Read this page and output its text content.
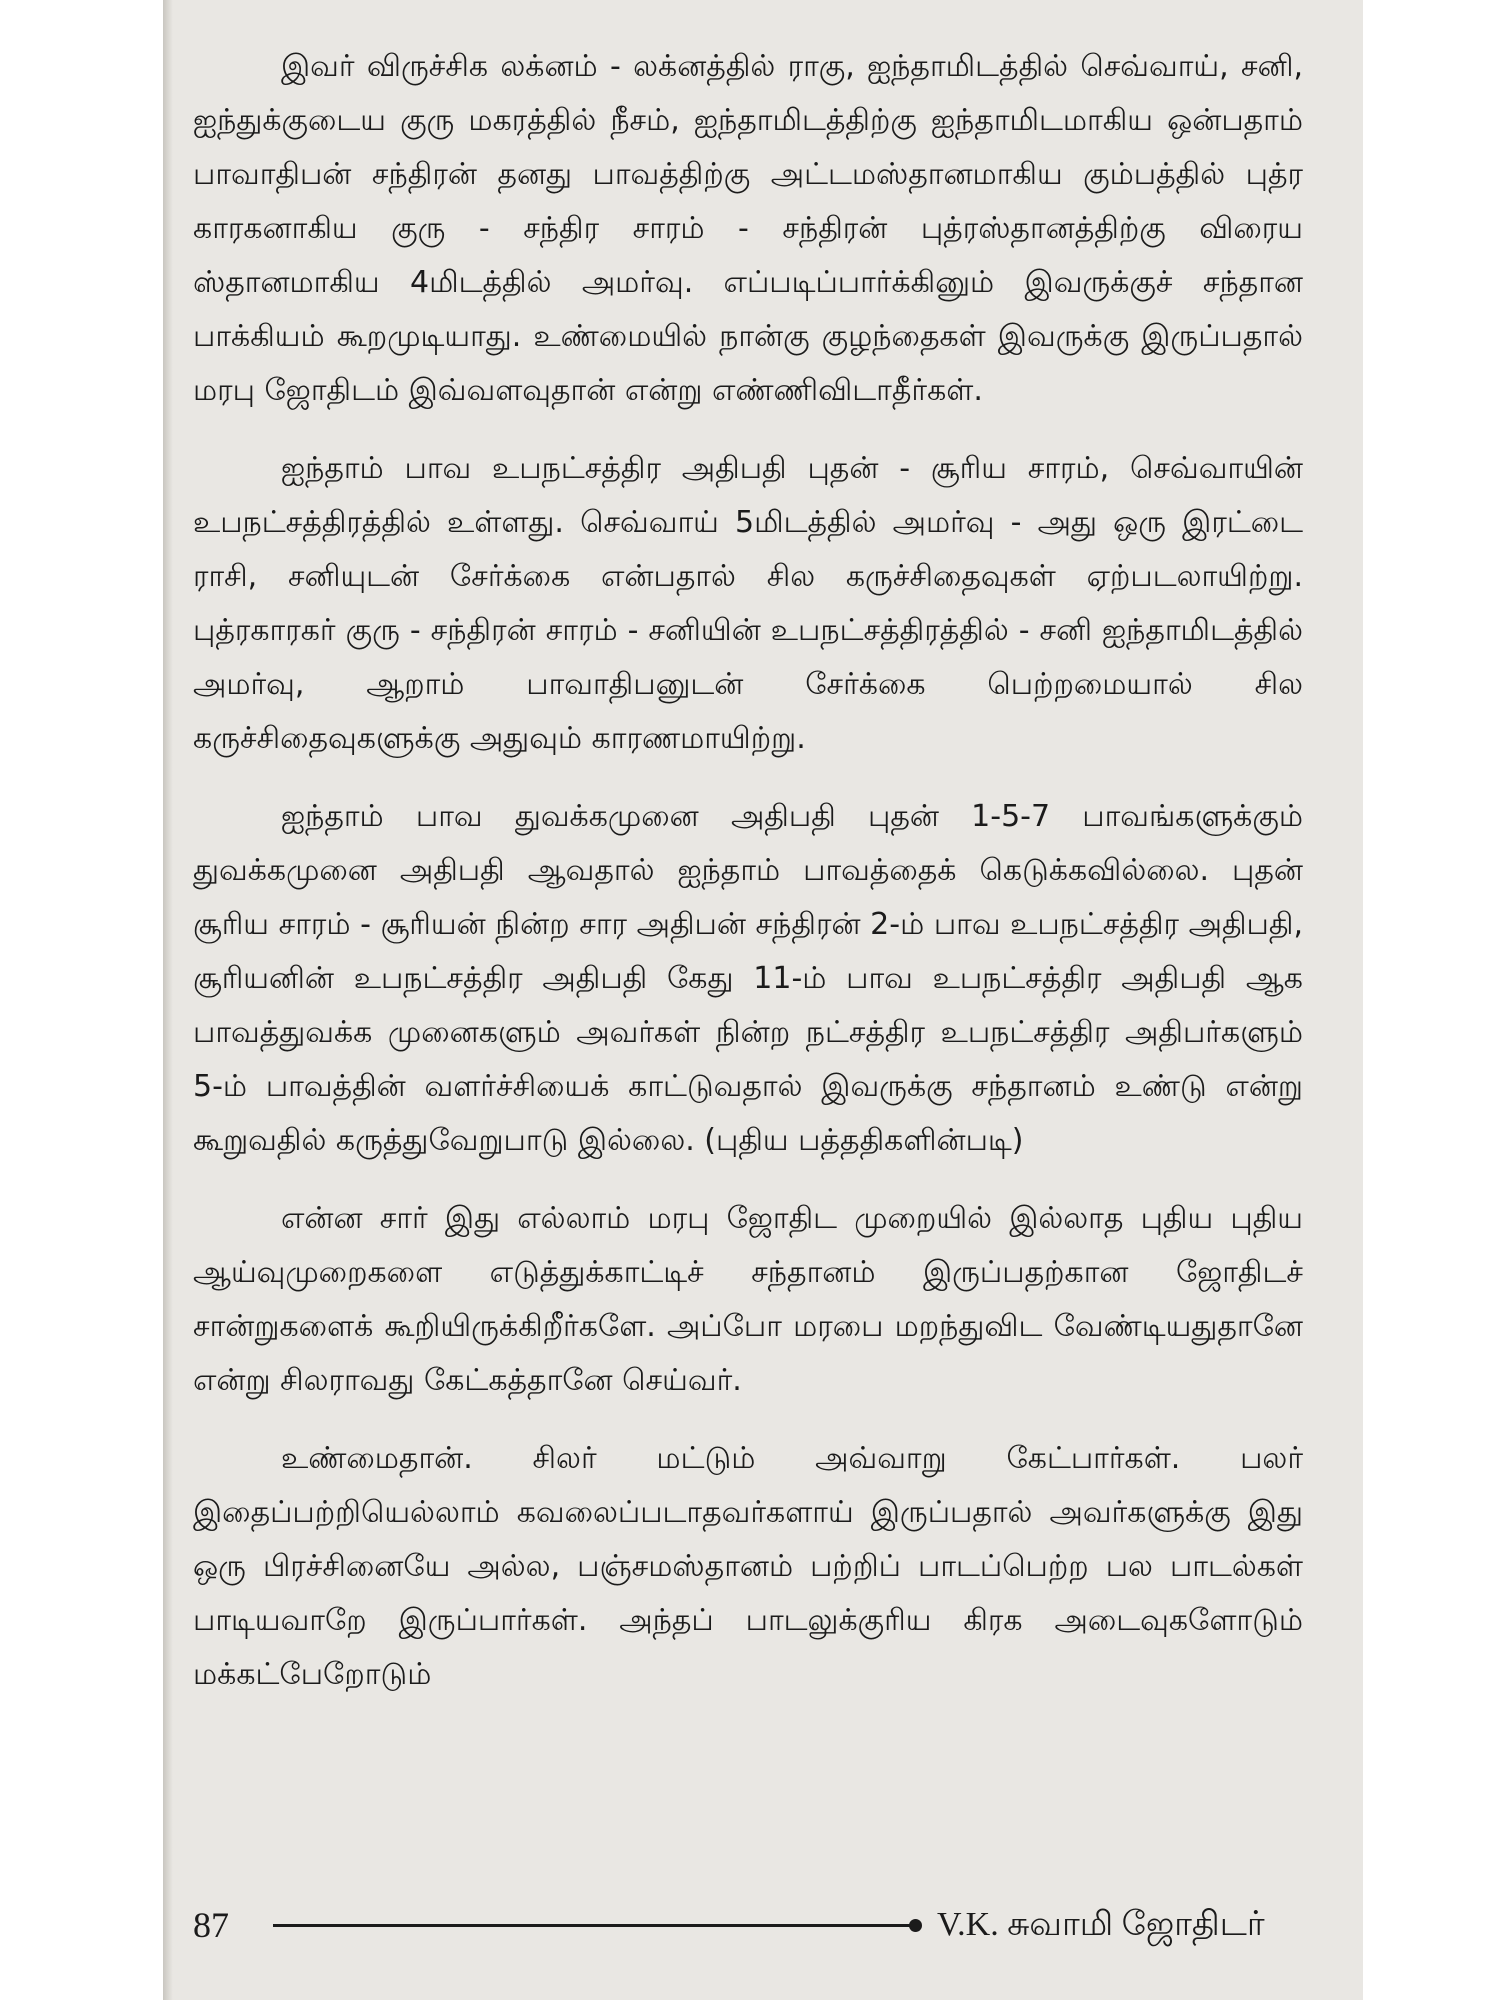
இவர் விருச்சிக லக்னம் - லக்னத்தில் ராகு, ஐந்தாமிடத்தில் செவ்வாய், சனி, ஐந்துக்குடைய குரு மகரத்தில் நீசம், ஐந்தாமிடத்திற்கு ஐந்தாமிடமாகிய ஒன்பதாம் பாவாதிபன் சந்திரன் தனது பாவத்திற்கு அட்டமஸ்தானமாகிய கும்பத்தில் புத்ர காரகனாகிய குரு - சந்திர சாரம் - சந்திரன் புத்ரஸ்தானத்திற்கு விரைய ஸ்தானமாகிய 4மிடத்தில் அமர்வு. எப்படிப்பார்க்கினும் இவருக்குச் சந்தான பாக்கியம் கூறமுடியாது. உண்மையில் நான்கு குழந்தைகள் இவருக்கு இருப்பதால் மரபு ஜோதிடம் இவ்வளவுதான் என்று எண்ணிவிடாதீர்கள்.

ஐந்தாம் பாவ உபநட்சத்திர அதிபதி புதன் - சூரிய சாரம், செவ்வாயின் உபநட்சத்திரத்தில் உள்ளது. செவ்வாய் 5மிடத்தில் அமர்வு - அது ஒரு இரட்டை ராசி, சனியுடன் சேர்க்கை என்பதால் சில கருச்சிதைவுகள் ஏற்படலாயிற்று. புத்ரகாரகர் குரு - சந்திரன் சாரம் - சனியின் உபநட்சத்திரத்தில் - சனி ஐந்தாமிடத்தில் அமர்வு, ஆறாம் பாவாதிபனுடன் சேர்க்கை பெற்றமையால் சில கருச்சிதைவுகளுக்கு அதுவும் காரணமாயிற்று.

ஐந்தாம் பாவ துவக்கமுனை அதிபதி புதன் 1-5-7 பாவங்களுக்கும் துவக்கமுனை அதிபதி ஆவதால் ஐந்தாம் பாவத்தைக் கெடுக்கவில்லை. புதன் சூரிய சாரம் - சூரியன் நின்ற சார அதிபன் சந்திரன் 2-ம் பாவ உபநட்சத்திர அதிபதி, சூரியனின் உபநட்சத்திர அதிபதி கேது 11-ம் பாவ உபநட்சத்திர அதிபதி ஆக பாவத்துவக்க முனைகளும் அவர்கள் நின்ற நட்சத்திர உபநட்சத்திர அதிபர்களும் 5-ம் பாவத்தின் வளர்ச்சியைக் காட்டுவதால் இவருக்கு சந்தானம் உண்டு என்று கூறுவதில் கருத்துவேறுபாடு இல்லை. (புதிய பத்ததிகளின்படி)

என்ன சார் இது எல்லாம் மரபு ஜோதிட முறையில் இல்லாத புதிய புதிய ஆய்வுமுறைகளை எடுத்துக்காட்டிச் சந்தானம் இருப்பதற்கான ஜோதிடச் சான்றுகளைக் கூறியிருக்கிறீர்களே. அப்போ மரபை மறந்துவிட வேண்டியதுதானே என்று சிலராவது கேட்கத்தானே செய்வர்.

உண்மைதான். சிலர் மட்டும் அவ்வாறு கேட்பார்கள். பலர் இதைப்பற்றியெல்லாம் கவலைப்படாதவர்களாய் இருப்பதால் அவர்களுக்கு இது ஒரு பிரச்சினையே அல்ல, பஞ்சமஸ்தானம் பற்றிப் பாடப்பெற்ற பல பாடல்கள் பாடியவாறே இருப்பார்கள். அந்தப் பாடலுக்குரிய கிரக அடைவுகளோடும் மக்கட்பேறோடும்

87	V.K. சுவாமி ஜோதிடர்
